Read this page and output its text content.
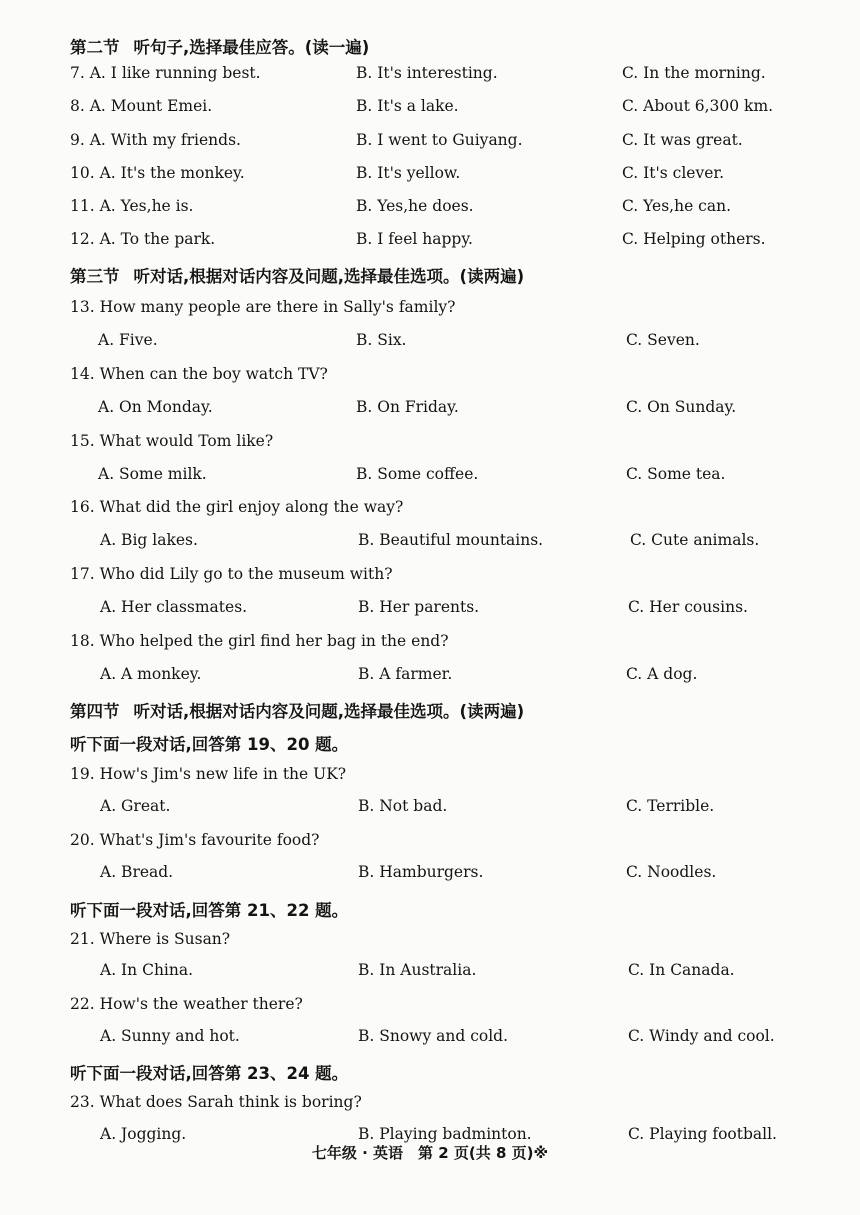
第二节 听句子,选择最佳应答。(读一遍)
7. A. I like running best.	B. It's interesting.	C. In the morning.
8. A. Mount Emei.	B. It's a lake.	C. About 6,300 km.
9. A. With my friends.	B. I went to Guiyang.	C. It was great.
10. A. It's the monkey.	B. It's yellow.	C. It's clever.
11. A. Yes,he is.	B. Yes,he does.	C. Yes,he can.
12. A. To the park.	B. I feel happy.	C. Helping others.
第三节 听对话,根据对话内容及问题,选择最佳选项。(读两遍)
13. How many people are there in Sally's family?
A. Five.	B. Six.	C. Seven.
14. When can the boy watch TV?
A. On Monday.	B. On Friday.	C. On Sunday.
15. What would Tom like?
A. Some milk.	B. Some coffee.	C. Some tea.
16. What did the girl enjoy along the way?
A. Big lakes.	B. Beautiful mountains.	C. Cute animals.
17. Who did Lily go to the museum with?
A. Her classmates.	B. Her parents.	C. Her cousins.
18. Who helped the girl find her bag in the end?
A. A monkey.	B. A farmer.	C. A dog.
第四节 听对话,根据对话内容及问题,选择最佳选项。(读两遍)
听下面一段对话,回答第 19、20 题。
19. How's Jim's new life in the UK?
A. Great.	B. Not bad.	C. Terrible.
20. What's Jim's favourite food?
A. Bread.	B. Hamburgers.	C. Noodles.
听下面一段对话,回答第 21、22 题。
21. Where is Susan?
A. In China.	B. In Australia.	C. In Canada.
22. How's the weather there?
A. Sunny and hot.	B. Snowy and cold.	C. Windy and cool.
听下面一段对话,回答第 23、24 题。
23. What does Sarah think is boring?
A. Jogging.	B. Playing badminton.	C. Playing football.
七年级 · 英语　第 2 页(共 8 页)※
